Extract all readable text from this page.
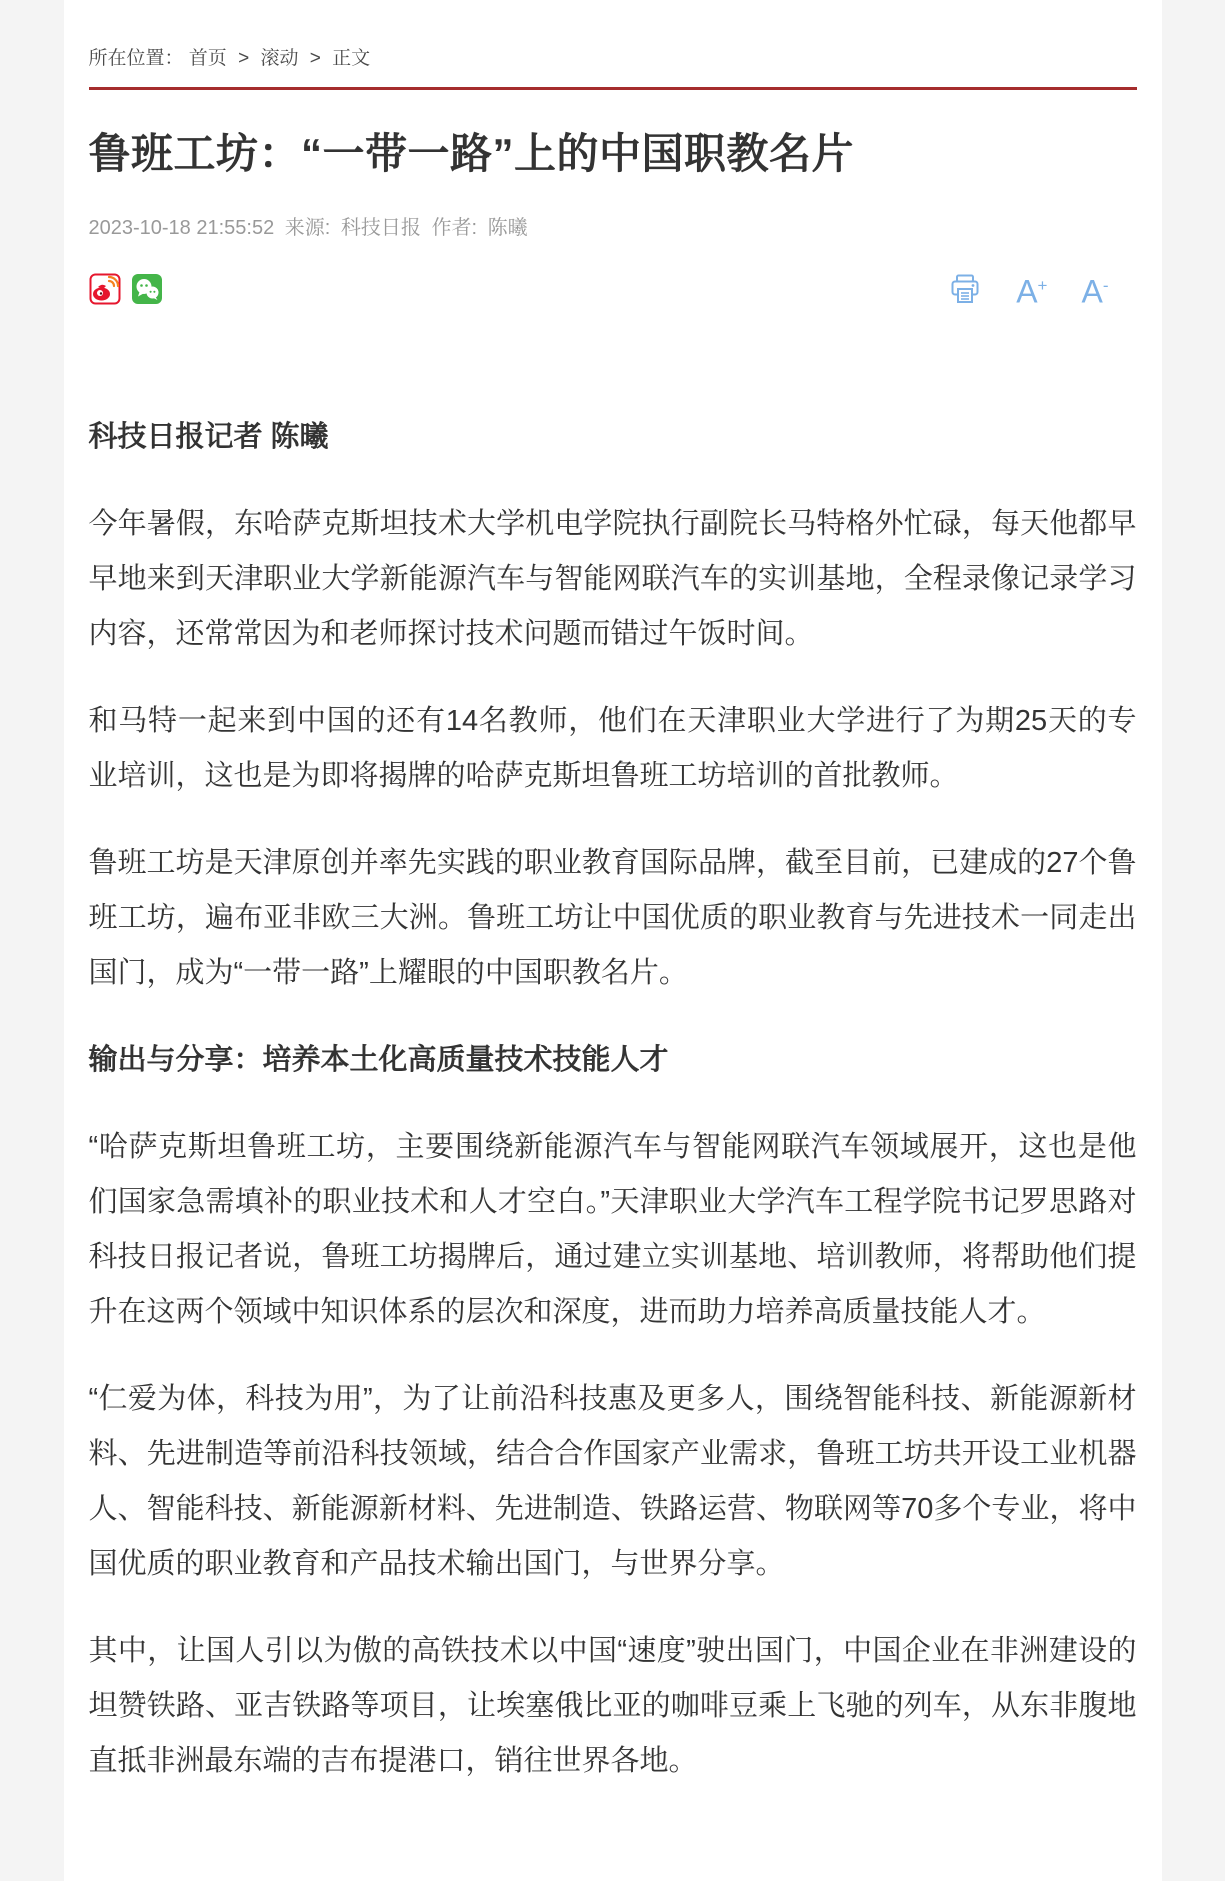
所在位置： 首页 > 滚动 > 正文
鲁班工坊：“一带一路”上的中国职教名片
2023-10-18 21:55:52 来源: 科技日报 作者: 陈曦
A+ A-

科技日报记者 陈曦

今年暑假，东哈萨克斯坦技术大学机电学院执行副院长马特格外忙碌，每天他都早早地来到天津职业大学新能源汽车与智能网联汽车的实训基地，全程录像记录学习内容，还常常因为和老师探讨技术问题而错过午饭时间。

和马特一起来到中国的还有14名教师，他们在天津职业大学进行了为期25天的专业培训，这也是为即将揭牌的哈萨克斯坦鲁班工坊培训的首批教师。

鲁班工坊是天津原创并率先实践的职业教育国际品牌，截至目前，已建成的27个鲁班工坊，遍布亚非欧三大洲。鲁班工坊让中国优质的职业教育与先进技术一同走出国门，成为“一带一路”上耀眼的中国职教名片。

输出与分享：培养本土化高质量技术技能人才

“哈萨克斯坦鲁班工坊，主要围绕新能源汽车与智能网联汽车领域展开，这也是他们国家急需填补的职业技术和人才空白。”天津职业大学汽车工程学院书记罗思路对科技日报记者说，鲁班工坊揭牌后，通过建立实训基地、培训教师，将帮助他们提升在这两个领域中知识体系的层次和深度，进而助力培养高质量技能人才。

“仁爱为体，科技为用”，为了让前沿科技惠及更多人，围绕智能科技、新能源新材料、先进制造等前沿科技领域，结合合作国家产业需求，鲁班工坊共开设工业机器人、智能科技、新能源新材料、先进制造、铁路运营、物联网等70多个专业，将中国优质的职业教育和产品技术输出国门，与世界分享。

其中，让国人引以为傲的高铁技术以中国“速度”驶出国门，中国企业在非洲建设的坦赞铁路、亚吉铁路等项目，让埃塞俄比亚的咖啡豆乘上飞驰的列车，从东非腹地直抵非洲最东端的吉布提港口，销往世界各地。
